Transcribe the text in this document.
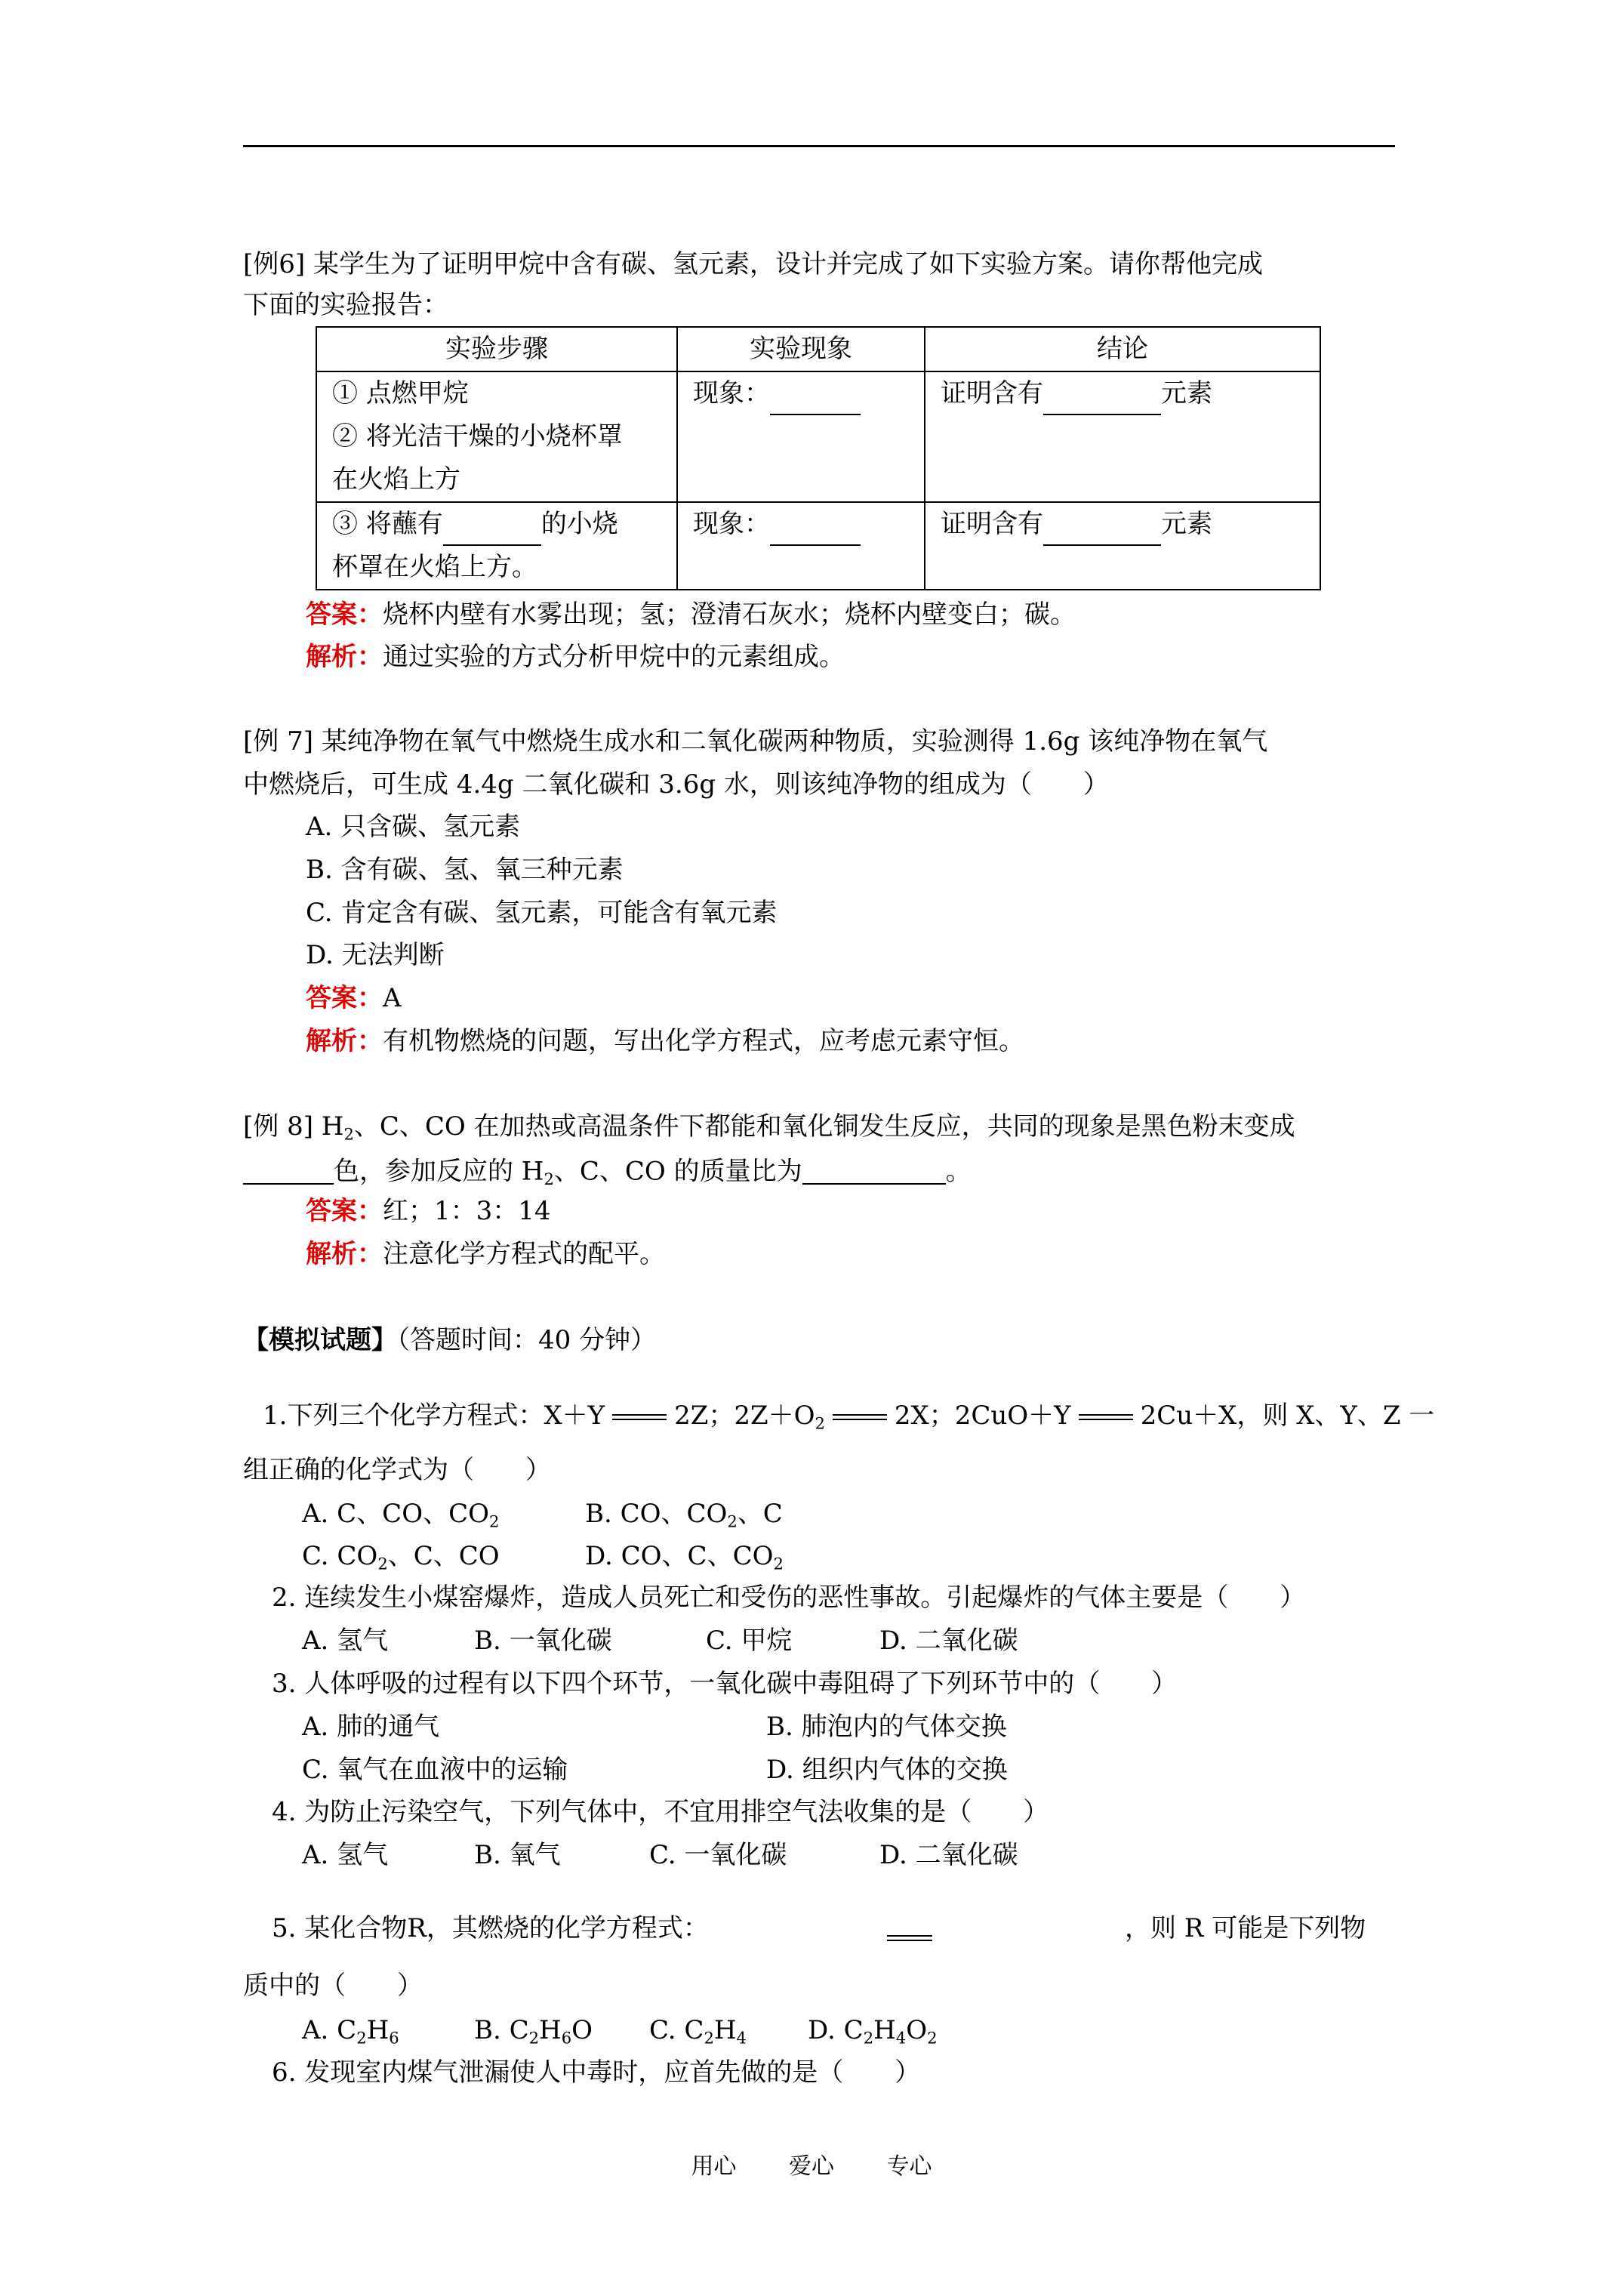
[例6] 某学生为了证明甲烷中含有碳、氢元素，设计并完成了如下实验方案。请你帮他完成
下面的实验报告：
实验步骤	实验现象	结论

① 点燃甲烷
② 将光洁干燥的小烧杯罩
在火焰上方	现象：	证明含有 元素

③ 将蘸有 的小烧
杯罩在火焰上方。	现象：	证明含有 元素
答案：烧杯内壁有水雾出现；氢；澄清石灰水；烧杯内壁变白；碳。
解析：通过实验的方式分析甲烷中的元素组成。
[例 7] 某纯净物在氧气中燃烧生成水和二氧化碳两种物质，实验测得 1.6g 该纯净物在氧气
中燃烧后，可生成 4.4g 二氧化碳和 3.6g 水，则该纯净物的组成为（　　）
A. 只含碳、氢元素
B. 含有碳、氢、氧三种元素
C. 肯定含有碳、氢元素，可能含有氧元素
D. 无法判断
答案：A
解析：有机物燃烧的问题，写出化学方程式，应考虑元素守恒。
[例 8] $H_2$、C、CO 在加热或高温条件下都能和氧化铜发生反应，共同的现象是黑色粉末变成
色，参加反应的 $H_2$、C、CO 的质量比为	。
答案：红；1：3：14
解析：注意化学方程式的配平。
【模拟试题】（答题时间：40 分钟）
1.下列三个化学方程式：X＋Y	2Z；$2Z+O_2$	2X；2CuO＋Y	2Cu＋X，则 X、Y、Z 一
组正确的化学式为（　　）
A. C、CO、$CO_2$	B. CO、$CO_2$、C
C. $CO_2$、C、CO	D. CO、C、$CO_2$
2. 连续发生小煤窑爆炸，造成人员死亡和受伤的恶性事故。引起爆炸的气体主要是（　　）
A. 氢气	B. 一氧化碳	C. 甲烷	D. 二氧化碳
3. 人体呼吸的过程有以下四个环节，一氧化碳中毒阻碍了下列环节中的（　　）
A. 肺的通气	B. 肺泡内的气体交换
C. 氧气在血液中的运输	D. 组织内气体的交换
4. 为防止污染空气，下列气体中，不宜用排空气法收集的是（　　）
A. 氢气	B. 氧气	C. 一氧化碳	D. 二氧化碳
5. 某化合物R，其燃烧的化学方程式：	，则 R 可能是下列物
质中的（　　）
A. $C_2H_6$	B. $C_2H_6O$ C. $C_2H_4$ D. $C_2H_4O_2$
6. 发现室内煤气泄漏使人中毒时，应首先做的是（　　）
用心 爱心 专心
